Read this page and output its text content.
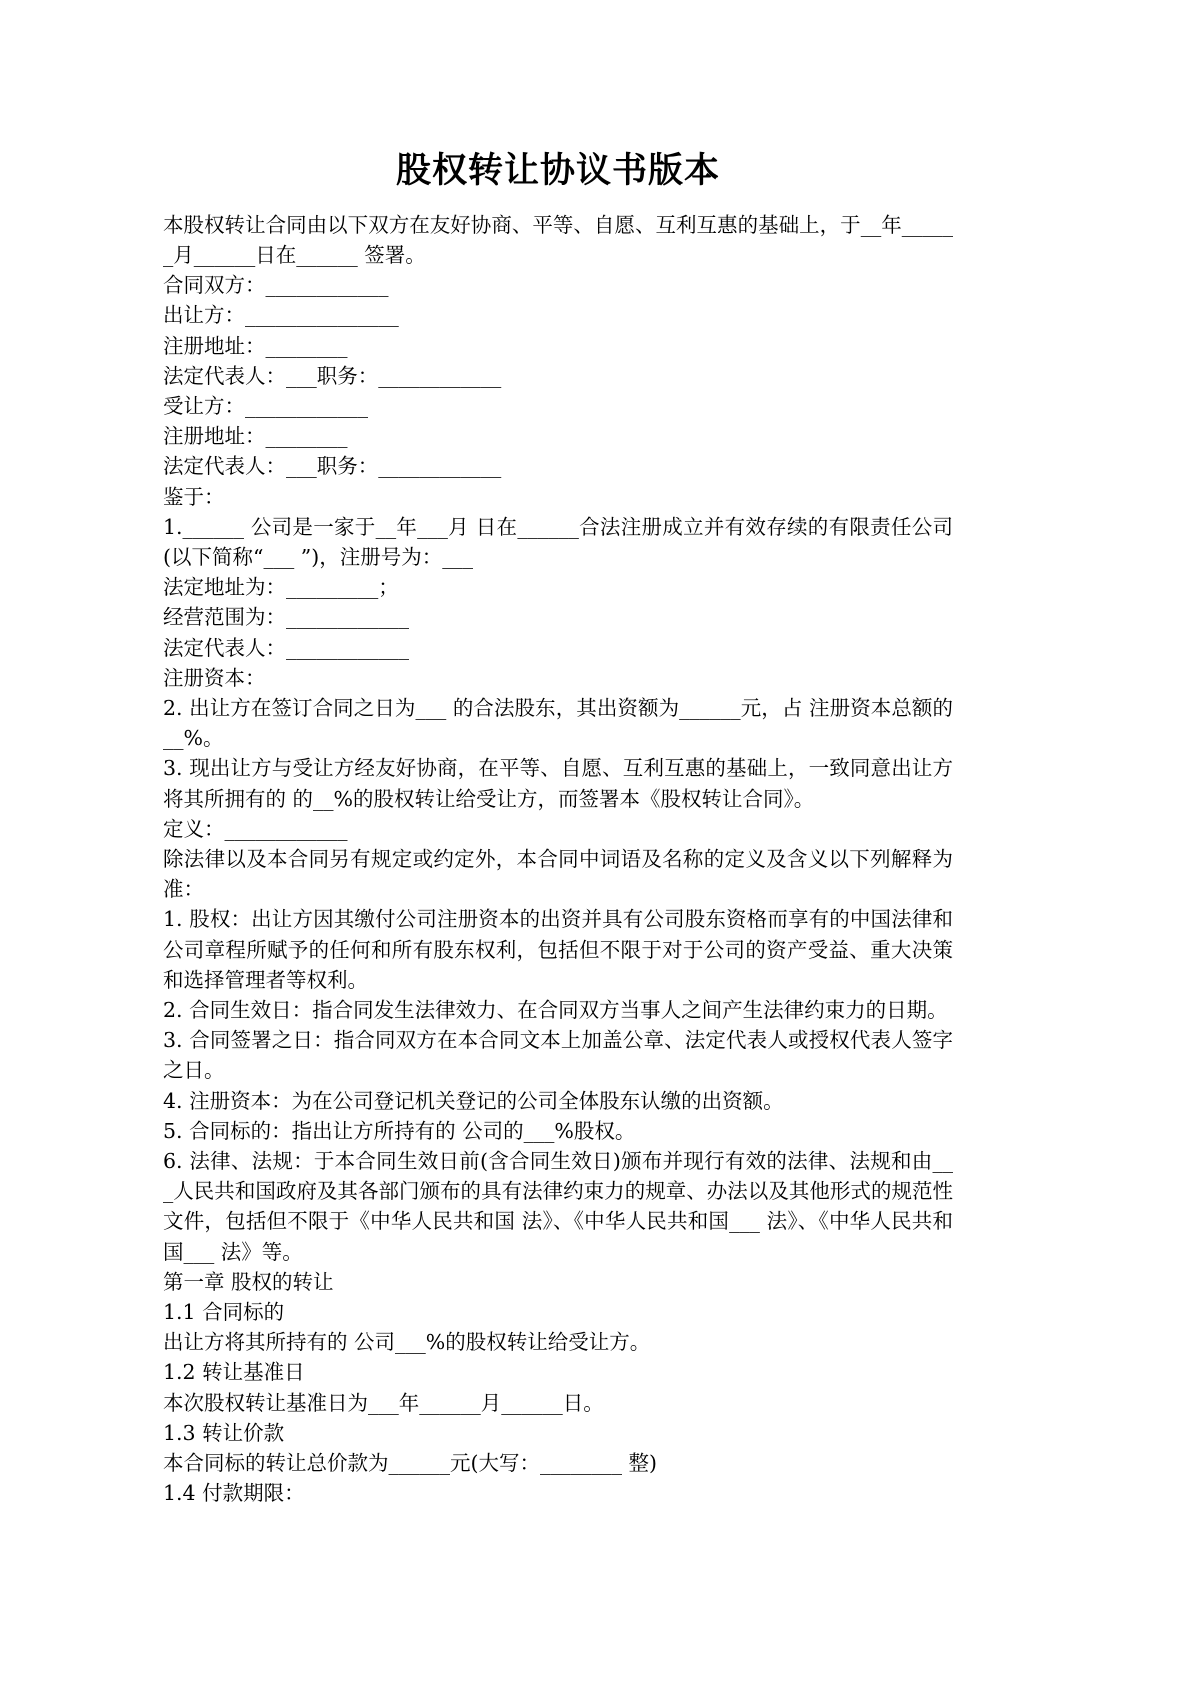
股权转让协议书版本

本股权转让合同由以下双方在友好协商、平等、自愿、互利互惠的基础上，于__年______月______日在______ 签署。

合同双方：____________

出让方：_______________

注册地址：________

法定代表人：___职务：____________

受让方：____________

注册地址：________

法定代表人：___职务：____________

鉴于：

1.______ 公司是一家于__年___月 日在______合法注册成立并有效存续的有限责任公司(以下简称“___ ”)，注册号为：___

法定地址为：_________；

经营范围为：____________

法定代表人：____________

注册资本：

2. 出让方在签订合同之日为___ 的合法股东，其出资额为______元，占 注册资本总额的__%。

3. 现出让方与受让方经友好协商，在平等、自愿、互利互惠的基础上，一致同意出让方将其所拥有的 的__%的股权转让给受让方，而签署本《股权转让合同》。

定义：____________

除法律以及本合同另有规定或约定外，本合同中词语及名称的定义及含义以下列解释为准：

1. 股权：出让方因其缴付公司注册资本的出资并具有公司股东资格而享有的中国法律和公司章程所赋予的任何和所有股东权利，包括但不限于对于公司的资产受益、重大决策和选择管理者等权利。

2. 合同生效日：指合同发生法律效力、在合同双方当事人之间产生法律约束力的日期。

3. 合同签署之日：指合同双方在本合同文本上加盖公章、法定代表人或授权代表人签字之日。

4. 注册资本：为在公司登记机关登记的公司全体股东认缴的出资额。

5. 合同标的：指出让方所持有的 公司的___%股权。

6. 法律、法规：于本合同生效日前(含合同生效日)颁布并现行有效的法律、法规和由___人民共和国政府及其各部门颁布的具有法律约束力的规章、办法以及其他形式的规范性文件，包括但不限于《中华人民共和国 法》、《中华人民共和国___ 法》、《中华人民共和国___ 法》等。

第一章 股权的转让

1.1 合同标的

出让方将其所持有的 公司___%的股权转让给受让方。

1.2 转让基准日

本次股权转让基准日为___年______月______日。

1.3 转让价款

本合同标的转让总价款为______元(大写：________ 整)

1.4 付款期限：
